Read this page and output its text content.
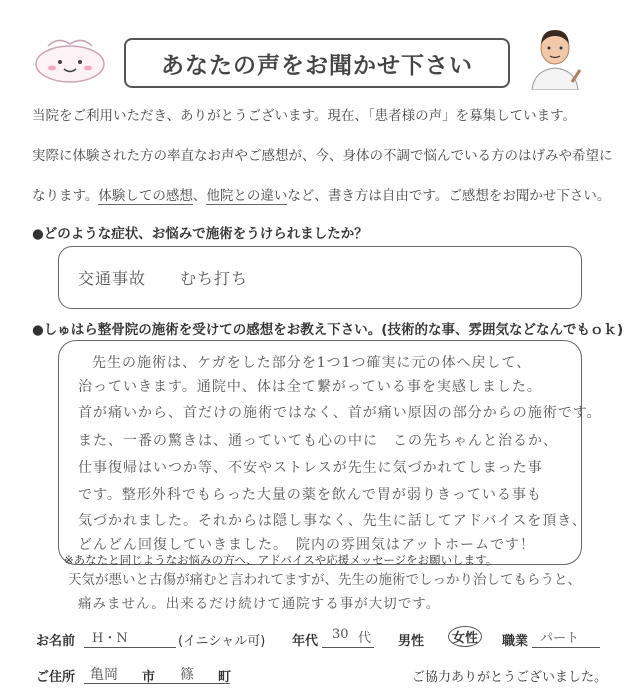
あなたの声をお聞かせ下さい
当院をご利用いただき、ありがとうございます。現在、「患者様の声」を募集しています。
実際に体験された方の率直なお声やご感想が、今、身体の不調で悩んでいる方のはげみや希望に
なります。体験しての感想、他院との違いなど、書き方は自由です。ご感想をお聞かせ下さい。
●どのような症状、お悩みで施術をうけられましたか？
交通事故　　むち打ち
●しゅはら整骨院の施術を受けての感想をお教え下さい。(技術的な事、雰囲気などなんでもｏｋ)
先生の施術は、ケガをした部分を1つ1つ確実に元の体へ戻して、
治っていきます。通院中、体は全て繋がっている事を実感しました。
首が痛いから、首だけの施術ではなく、首が痛い原因の部分からの施術です。
また、一番の驚きは、通っていても心の中に　この先ちゃんと治るか、
仕事復帰はいつか等、不安やストレスが先生に気づかれてしまった事
です。整形外科でもらった大量の薬を飲んで胃が弱りきっている事も
気づかれました。それからは隠し事なく、先生に話してアドバイスを頂き、
どんどん回復していきました。　院内の雰囲気はアットホームです！
※あなたと同じようなお悩みの方へ、アドバイスや応援メッセージをお願いします。
天気が悪いと古傷が痛むと言われてますが、先生の施術でしっかり治してもらうと、
痛みません。出来るだけ続けて通院する事が大切です。
お名前 H・N	(イニシャル可) 年代 30 代 男性	女性	職業 パート
ご住所 亀岡 市 篠 町	ご協力ありがとうございました。
